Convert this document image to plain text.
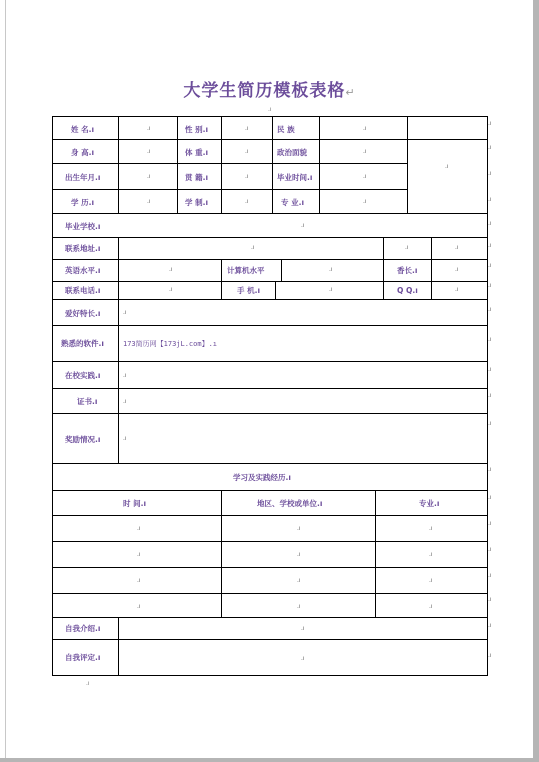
大学生简历模板表格↵
.ı
姓 名.ı	.ı	性 别.ı	.ı	民 族	.ı
.ı
身 高.ı	.ı	体 重.ı	.ı	政治面貌	.ı
出生年月.ı	.ı	贯 籍.ı	.ı	毕业时间.ı	.ı
学 历.ı	.ı	学 制.ı	.ı	专 业.ı	.ı
毕业学校.ı	.ı
联系地址.ı	.ı	.ı	.ı
英语水平.ı	.ı	计算机水平	.ı	香长.ı	.ı
联系电话.ı	.ı	手 机.ı	.ı	Q Q.ı	.ı
爱好特长.ı	.ı
熟悉的软件.ı	173简历网【173jL.com】.ı
在校实践.ı	.ı
证书.ı	.ı
奖励情况.ı	.ı
学习及实践经历.ı
时 间.ı	地区、学校或单位.ı	专业.ı
.ı	.ı	.ı
.ı	.ı	.ı
.ı	.ı	.ı
.ı	.ı	.ı
自我介绍.ı	.ı
自我评定.ı	.ı
.ı
.ı
.ı
.ı
.ı
.ı
.ı
.ı
.ı
.ı
.ı
.ı
.ı
.ı
.ı
.ı
.ı
.ı
.ı
.ı
.ı
.ı
